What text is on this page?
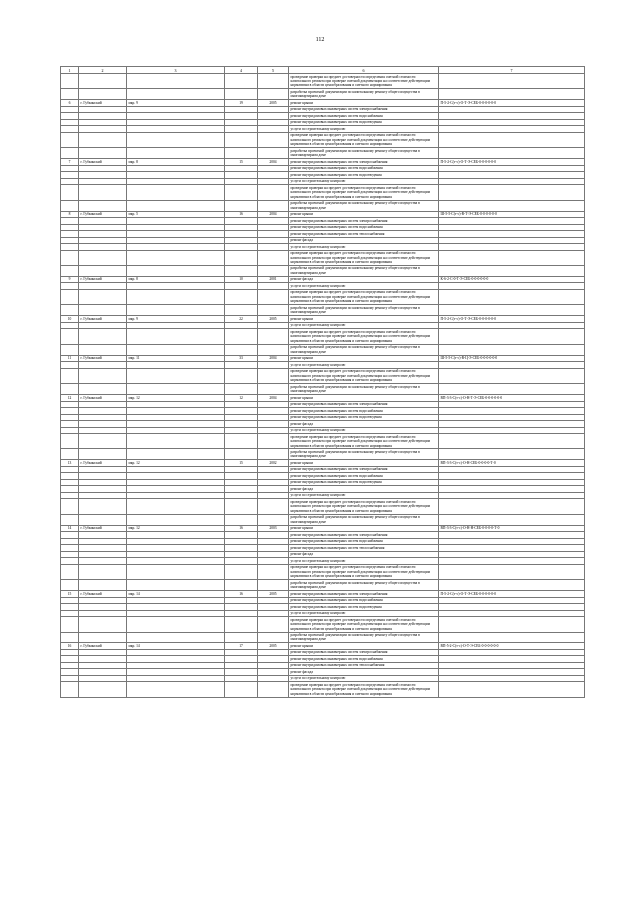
112
1	2	3	4	5	6	7
					проведение проверки на предмет достоверности определения сметной стоимости капитального ремонта при проверке сметной документации на соответствие действующим нормативам в области ценообразования и сметного нормирования	
					разработка проектной документации по капитальному ремонту общего имущества в многоквартирном доме	
6	г. Губкинский	мкр. 9	19	2005	ремонт крыши	П-5-2-С(т-с)-О-Т-Э-СЕБ-0-0-0-0-0-0
					ремонт внутридомовых инженерных систем электроснабжения	
					ремонт внутридомовых инженерных систем водоснабжения	
					ремонт внутридомовых инженерных систем водоотведения	
					услуги по строительному контролю	
					проведение проверки на предмет достоверности определения сметной стоимости капитального ремонта при проверке сметной документации на соответствие действующим нормативам в области ценообразования и сметного нормирования	
					разработка проектной документации по капитальному ремонту общего имущества в многоквартирном доме	
7	г. Губкинский	мкр. 8	15	2004	ремонт внутридомовых инженерных систем электроснабжения	П-5-2-С(т-с)-О-Т-Э-СЕБ-0-0-0-0-0-0
					ремонт внутридомовых инженерных систем водоснабжения	
					ремонт внутридомовых инженерных систем водоотведения	
					услуги по строительному контролю	
					проведение проверки на предмет достоверности определения сметной стоимости капитального ремонта при проверке сметной документации на соответствие действующим нормативам в области ценообразования и сметного нормирования	
					разработка проектной документации по капитальному ремонту общего имущества в многоквартирном доме	
8	г. Губкинский	мкр. 5	16	2004	ремонт крыши	Ш-5-5-С(т-с)-В-Т-Э-СЕБ-0-0-0-0-0-0
					ремонт внутридомовых инженерных систем электроснабжения	
					ремонт внутридомовых инженерных систем водоснабжения	
					ремонт внутридомовых инженерных систем теплоснабжения	
					ремонт фасада	
					услуги по строительному контролю	
					проведение проверки на предмет достоверности определения сметной стоимости капитального ремонта при проверке сметной документации на соответствие действующим нормативам в области ценообразования и сметного нормирования	
					разработка проектной документации по капитальному ремонту общего имущества в многоквартирном доме	
9	г. Губкинский	мкр. 8	10	2001	ремонт фасада	К-6-2-С-0-Т-Э-СЕБ-0-0-0-0-0-0
					услуги по строительному контролю	
					проведение проверки на предмет достоверности определения сметной стоимости капитального ремонта при проверке сметной документации на соответствие действующим нормативам в области ценообразования и сметного нормирования	
					разработка проектной документации по капитальному ремонту общего имущества в многоквартирном доме	
10	г. Губкинский	мкр. 9	22	2005	ремонт крыши	П-5-2-С(т-с)-О-Т-Э-СЕБ-0-0-0-0-0-0
					услуги по строительному контролю	
					проведение проверки на предмет достоверности определения сметной стоимости капитального ремонта при проверке сметной документации на соответствие действующим нормативам в области ценообразования и сметного нормирования	
					разработка проектной документации по капитальному ремонту общего имущества в многоквартирном доме	
11	г. Губкинский	мкр. 11	33	2004	ремонт крыши	Ш-5-5-С(т-с)-В-Ц-Э-СЕБ-0-0-0-0-0-0
					услуги по строительному контролю	
					проведение проверки на предмет достоверности определения сметной стоимости капитального ремонта при проверке сметной документации на соответствие действующим нормативам в области ценообразования и сметного нормирования	
					разработка проектной документации по капитальному ремонту общего имущества в многоквартирном доме	
12	г. Губкинский	мкр. 12	12	2004	ремонт крыши	ВП-3-3-С(т-с)-О-Н-Т-Э-СЕБ-0-0-0-0-0-0
					ремонт внутридомовых инженерных систем электроснабжения	
					ремонт внутридомовых инженерных систем водоснабжения	
					ремонт внутридомовых инженерных систем водоотведения	
					ремонт фасада	
					услуги по строительному контролю	
					проведение проверки на предмет достоверности определения сметной стоимости капитального ремонта при проверке сметной документации на соответствие действующим нормативам в области ценообразования и сметного нормирования	
					разработка проектной документации по капитальному ремонту общего имущества в многоквартирном доме	
13	г. Губкинский	мкр. 12	15	2002	ремонт крыши	ВП-3-3-С(т-с)-О-Н-СЕБ-0-0-0-0-Т-0
					ремонт внутридомовых инженерных систем электроснабжения	
					ремонт внутридомовых инженерных систем водоснабжения	
					ремонт внутридомовых инженерных систем водоотведения	
					ремонт фасада	
					услуги по строительному контролю	
					проведение проверки на предмет достоверности определения сметной стоимости капитального ремонта при проверке сметной документации на соответствие действующим нормативам в области ценообразования и сметного нормирования	
					разработка проектной документации по капитальному ремонту общего имущества в многоквартирном доме	
14	г. Губкинский	мкр. 12	16	2003	ремонт крыши	ВП-3-3-С(т-с)-О-Н-Н-СЕБ-0-0-0-0-Т-0
					ремонт внутридомовых инженерных систем электроснабжения	
					ремонт внутридомовых инженерных систем водоснабжения	
					ремонт внутридомовых инженерных систем теплоснабжения	
					ремонт фасада	
					услуги по строительному контролю	
					проведение проверки на предмет достоверности определения сметной стоимости капитального ремонта при проверке сметной документации на соответствие действующим нормативам в области ценообразования и сметного нормирования	
					разработка проектной документации по капитальному ремонту общего имущества в многоквартирном доме	
15	г. Губкинский	мкр. 14	16	2005	ремонт внутридомовых инженерных систем электроснабжения	П-5-2-С(т-с)-О-Т-Э-СЕБ-0-0-0-0-0-0
					ремонт внутридомовых инженерных систем водоснабжения	
					ремонт внутридомовых инженерных систем водоотведения	
					услуги по строительному контролю	
					проведение проверки на предмет достоверности определения сметной стоимости капитального ремонта при проверке сметной документации на соответствие действующим нормативам в области ценообразования и сметного нормирования	
					разработка проектной документации по капитальному ремонту общего имущества в многоквартирном доме	
16	г. Губкинский	мкр. 14	17	2005	ремонт крыши	ВП-5-2-С(т-с)-О-Т-Э-СЕБ-0-0-0-0-0-0
					ремонт внутридомовых инженерных систем электроснабжения	
					ремонт внутридомовых инженерных систем водоснабжения	
					ремонт внутридомовых инженерных систем теплоснабжения	
					ремонт фасада	
					услуги по строительному контролю	
					проведение проверки на предмет достоверности определения сметной стоимости капитального ремонта при проверке сметной документации на соответствие действующим нормативам в области ценообразования и сметного нормирования	
